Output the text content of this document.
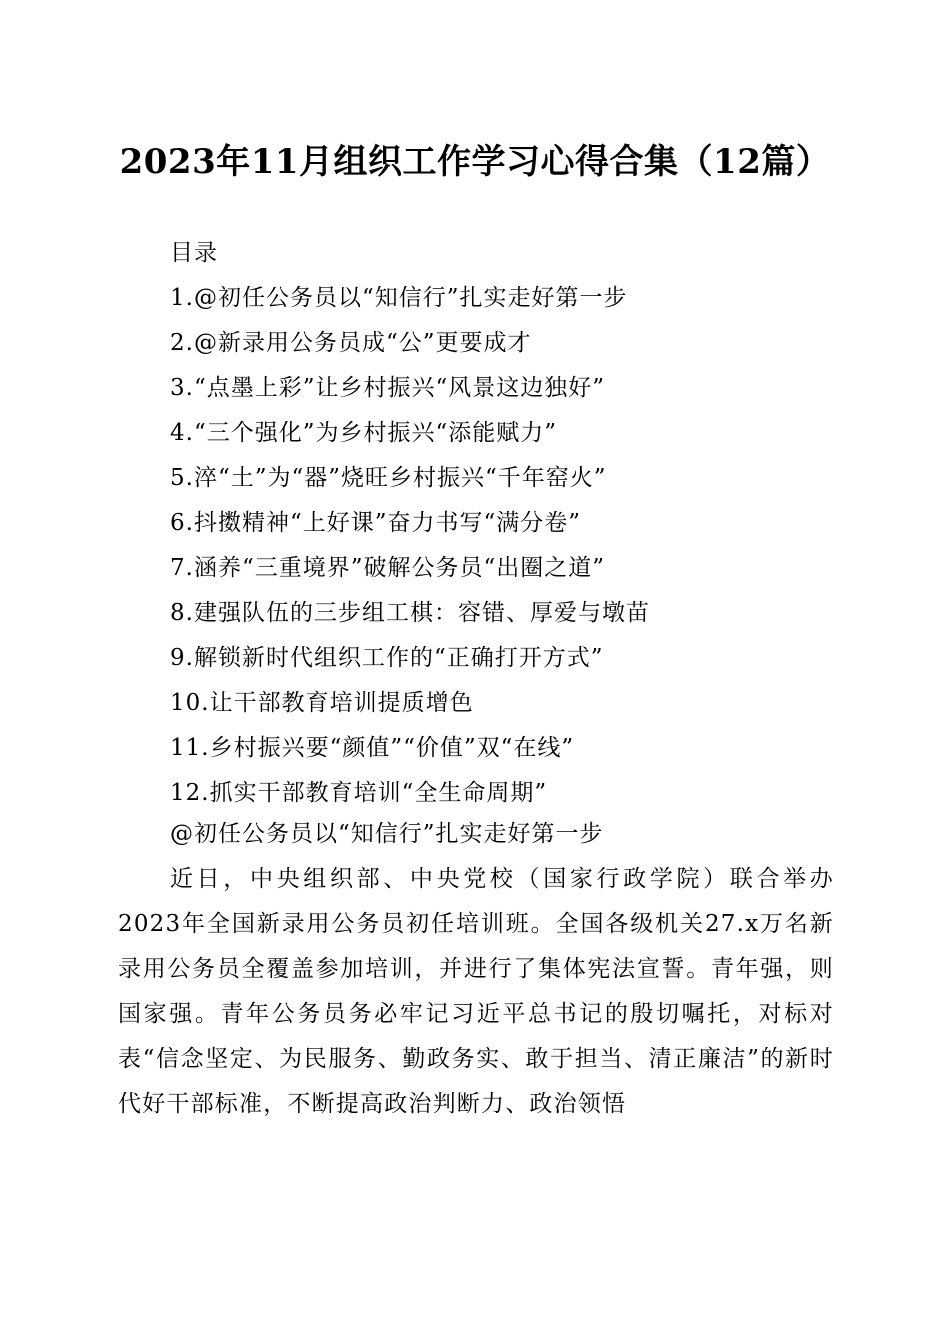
2023年11月组织工作学习心得合集（12篇）
目录
1.@初任公务员以“知信行”扎实走好第一步
2.@新录用公务员成“公”更要成才
3.“点墨上彩”让乡村振兴“风景这边独好”
4.“三个强化”为乡村振兴“添能赋力”
5.淬“土”为“器”烧旺乡村振兴“千年窑火”
6.抖擞精神“上好课”奋力书写“满分卷”
7.涵养“三重境界”破解公务员“出圈之道”
8.建强队伍的三步组工棋：容错、厚爱与墩苗
9.解锁新时代组织工作的“正确打开方式”
10.让干部教育培训提质增色
11.乡村振兴要“颜值”“价值”双“在线”
12.抓实干部教育培训“全生命周期”
@初任公务员以“知信行”扎实走好第一步

近日，中央组织部、中央党校（国家行政学院）联合举办2023年全国新录用公务员初任培训班。全国各级机关27.x万名新录用公务员全覆盖参加培训，并进行了集体宪法宣誓。青年强，则国家强。青年公务员务必牢记习近平总书记的殷切嘱托，对标对表“信念坚定、为民服务、勤政务实、敢于担当、清正廉洁”的新时代好干部标准，不断提高政治判断力、政治领悟
